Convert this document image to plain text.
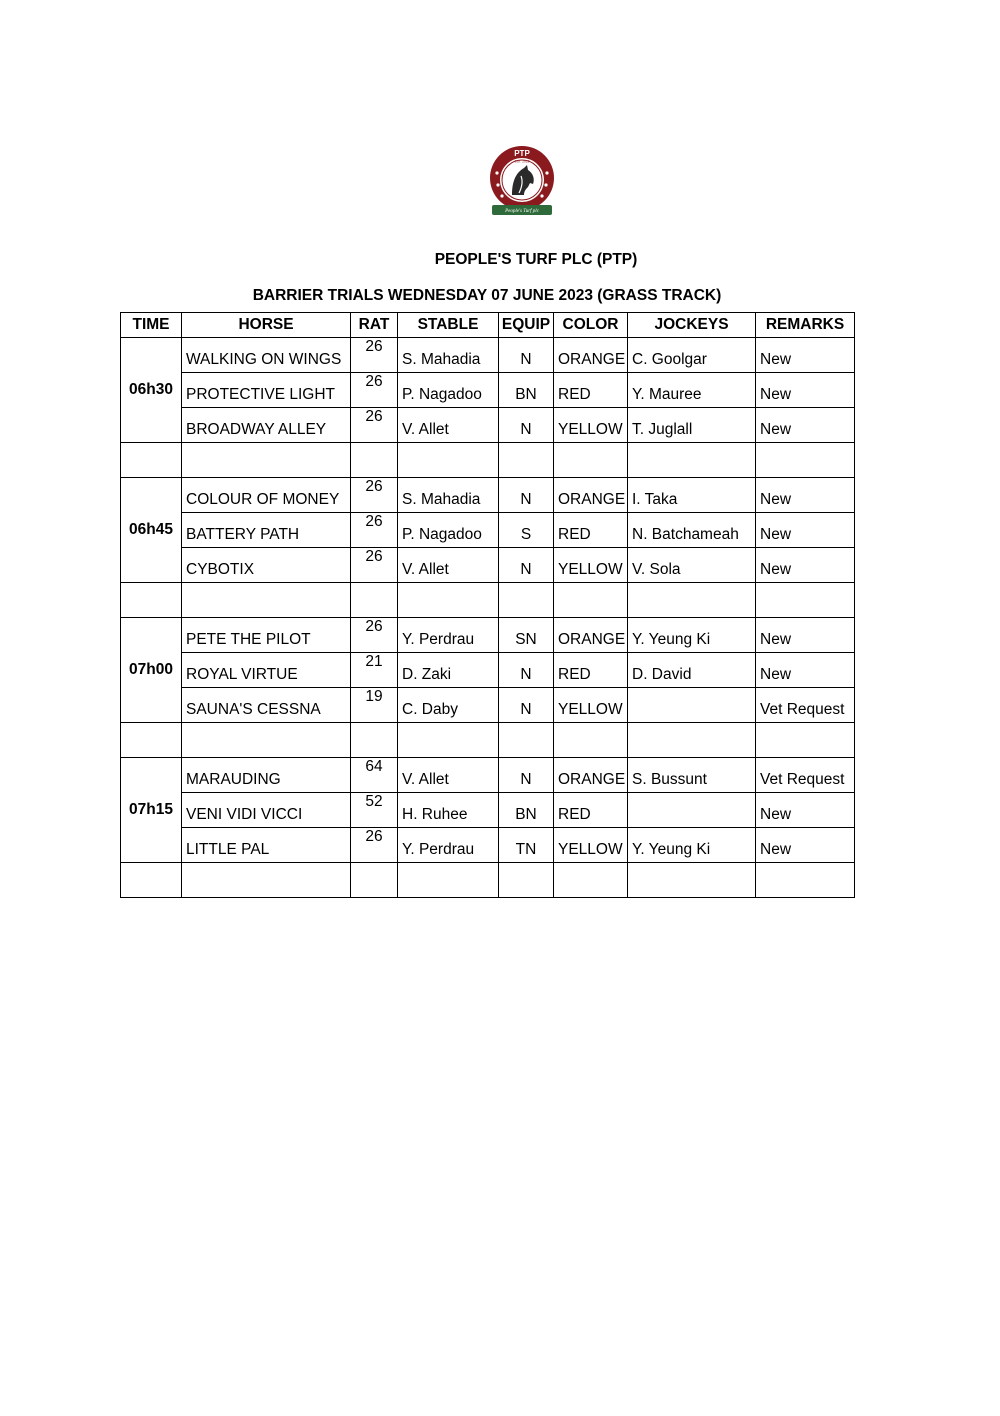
PTP
EST. 2022
People's Turf plc
PEOPLE'S TURF PLC (PTP)
BARRIER TRIALS WEDNESDAY 07 JUNE 2023 (GRASS TRACK)
TIME	HORSE	RAT	STABLE	EQUIP	COLOR	JOCKEYS	REMARKS
06h30	WALKING ON WINGS	26	S. Mahadia	N	ORANGE	C. Goolgar	New
	PROTECTIVE LIGHT	26	P. Nagadoo	BN	RED	Y. Mauree	New
	BROADWAY ALLEY	26	V. Allet	N	YELLOW	T. Juglall	New

06h45	COLOUR OF MONEY	26	S. Mahadia	N	ORANGE	I. Taka	New
	BATTERY PATH	26	P. Nagadoo	S	RED	N. Batchameah	New
	CYBOTIX	26	V. Allet	N	YELLOW	V. Sola	New

07h00	PETE THE PILOT	26	Y. Perdrau	SN	ORANGE	Y. Yeung Ki	New
	ROYAL VIRTUE	21	D. Zaki	N	RED	D. David	New
	SAUNA'S CESSNA	19	C. Daby	N	YELLOW		Vet Request

07h15	MARAUDING	64	V. Allet	N	ORANGE	S. Bussunt	Vet Request
	VENI VIDI VICCI	52	H. Ruhee	BN	RED		New
	LITTLE PAL	26	Y. Perdrau	TN	YELLOW	Y. Yeung Ki	New
